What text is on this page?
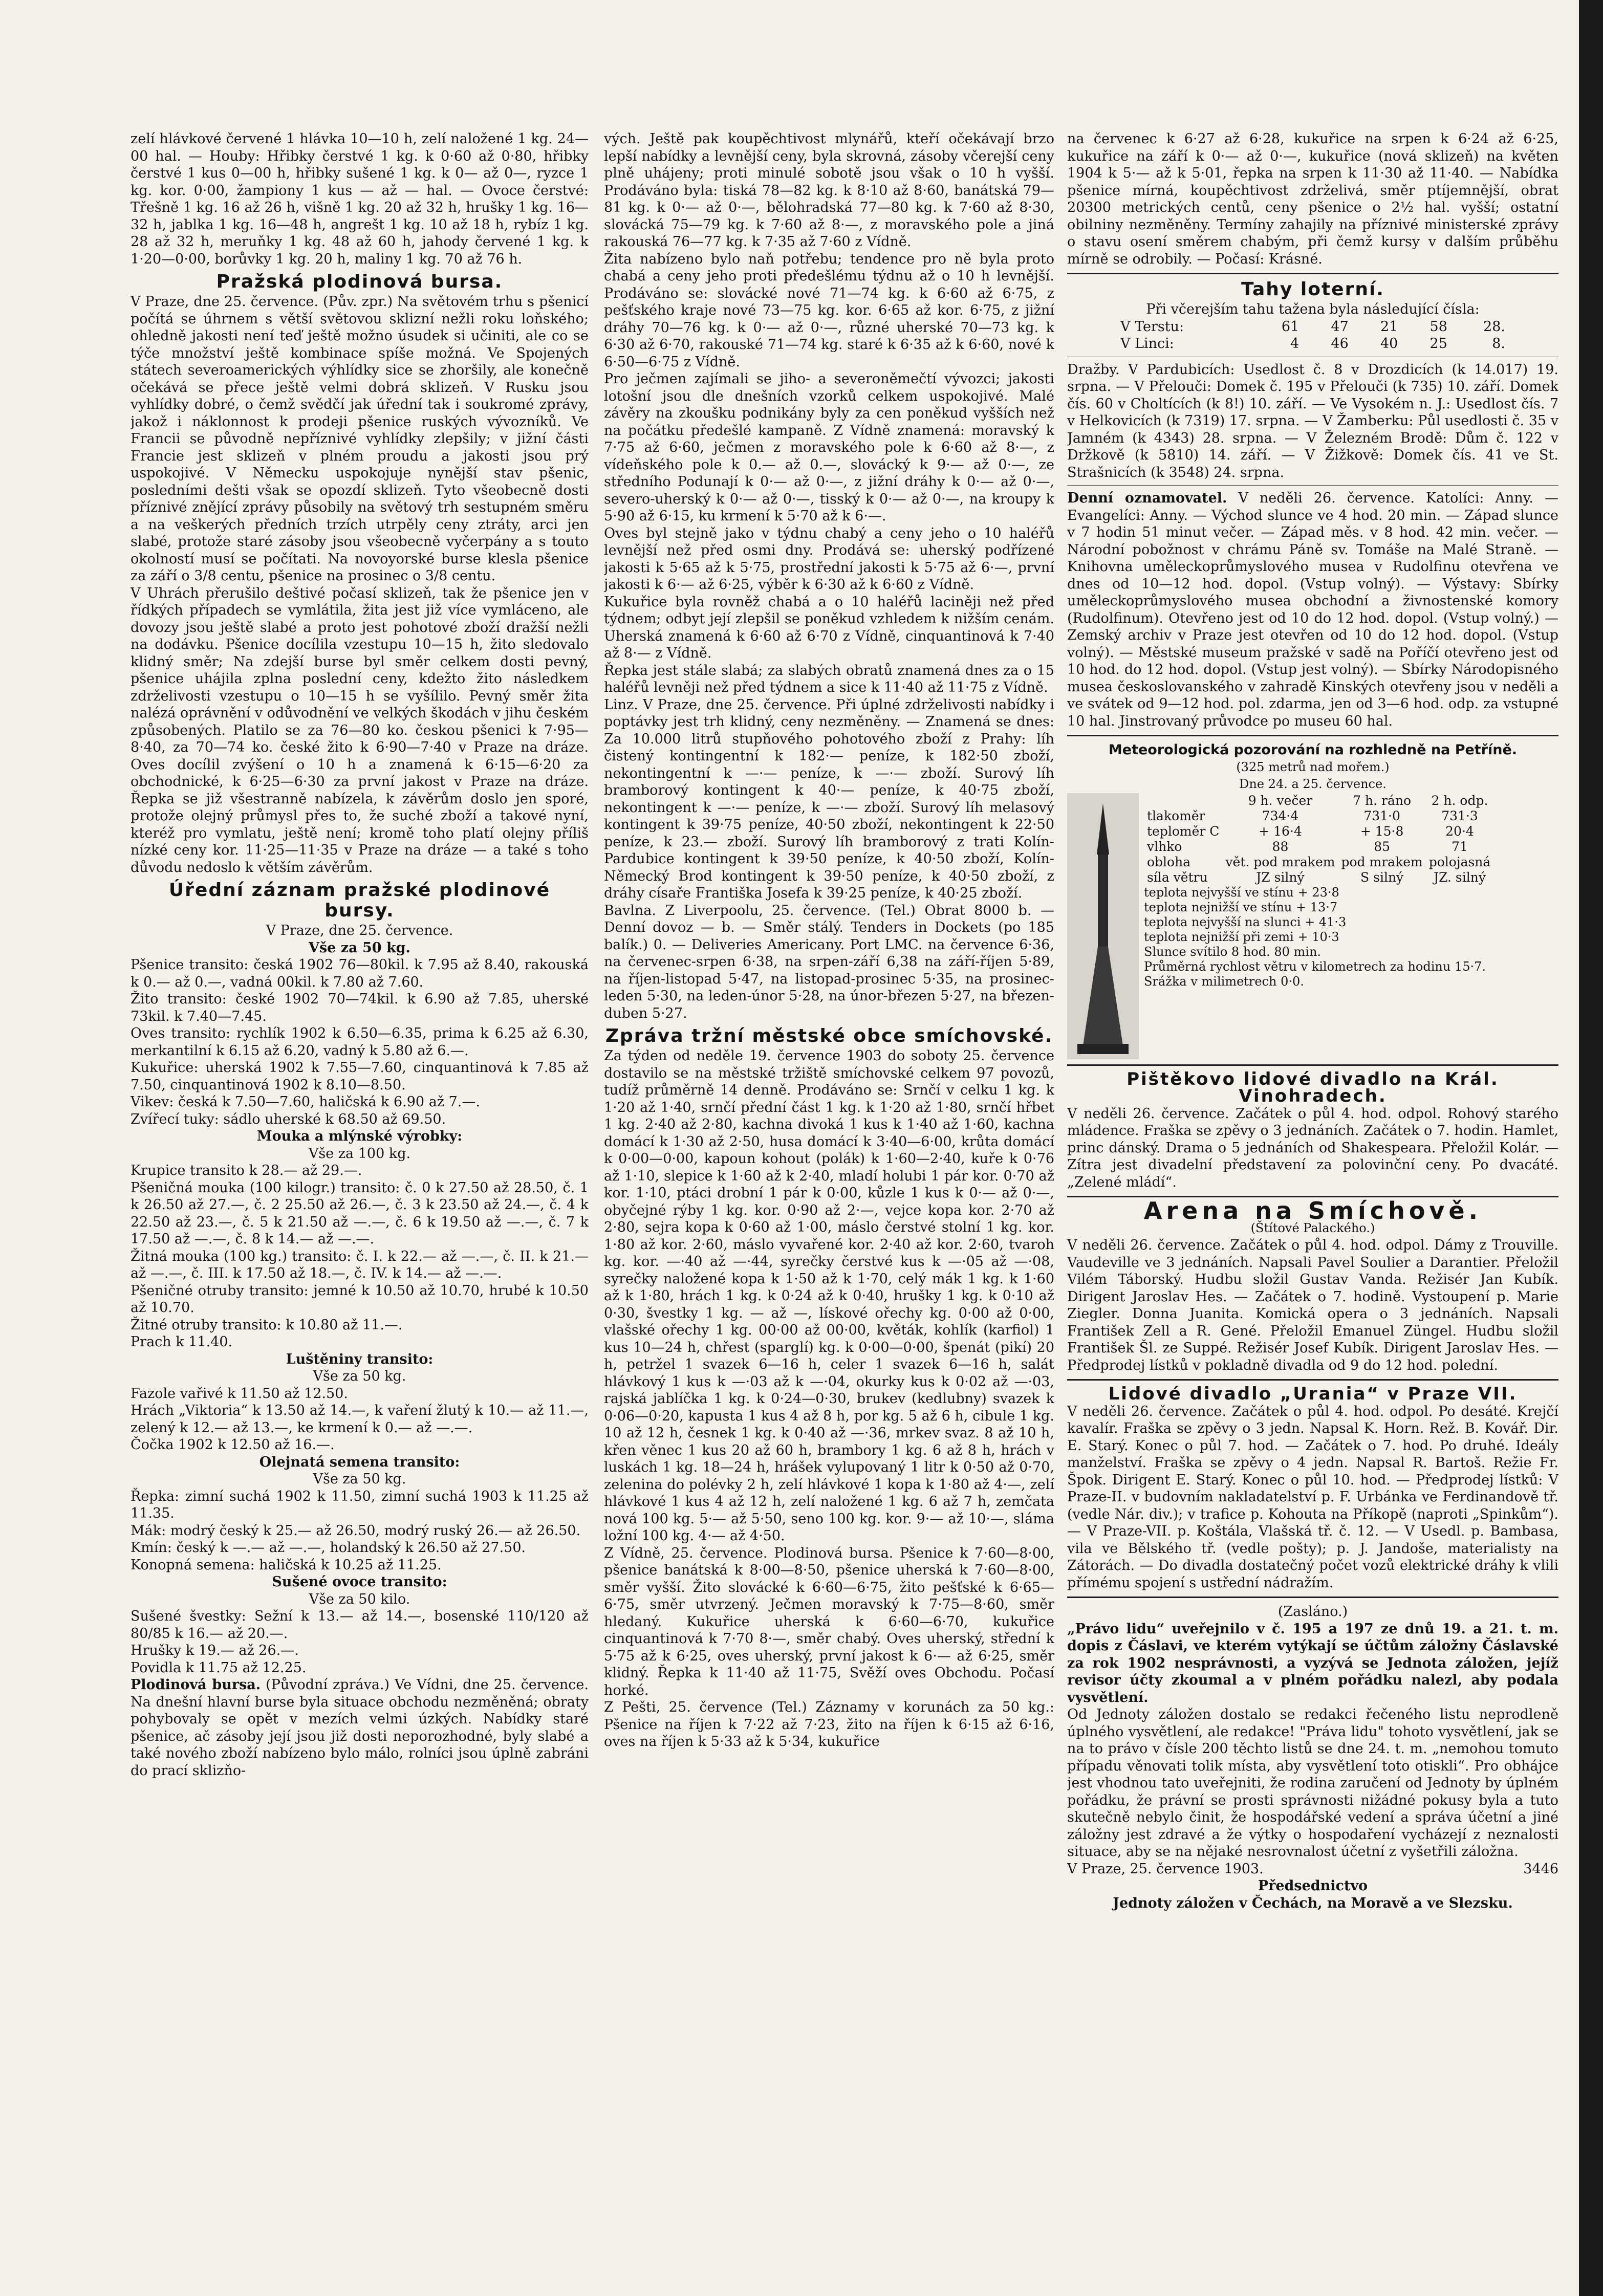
zelí hlávkové červené 1 hlávka 10—10 h, zelí naložené 1 kg. 24—00 hal. — Houby: Hřibky čerstvé 1 kg. k 0·60 až 0·80, hřibky čerstvé 1 kus 0—00 h, hřibky sušené 1 kg. k 0— až 0—, ryzce 1 kg. kor. 0·00, žampiony 1 kus — až — hal. — Ovoce čerstvé: Třešně 1 kg. 16 až 26 h, višně 1 kg. 20 až 32 h, hrušky 1 kg. 16—32 h, jablka 1 kg. 16—48 h, angrešt 1 kg. 10 až 18 h, rybíz 1 kg. 28 až 32 h, meruňky 1 kg. 48 až 60 h, jahody červené 1 kg. k 1·20—0·00, borůvky 1 kg. 20 h, maliny 1 kg. 70 až 76 h.

Pražská plodinová bursa.

V Praze, dne 25. července. (Pův. zpr.) Na světovém trhu s pšenicí počítá se úhrnem s větší světovou sklizní nežli roku loňského; ohledně jakosti není teď ještě možno úsudek si učiniti, ale co se týče množství ještě kombinace spíše možná. Ve Spojených státech severoamerických výhlídky sice se zhoršily, ale konečně očekává se přece ještě velmi dobrá sklizeň. V Rusku jsou vyhlídky dobré, o čemž svědčí jak úřední tak i soukromé zprávy, jakož i náklonnost k prodeji pšenice ruských vývozníků. Ve Francii se původně nepříznivé vyhlídky zlepšily; v jižní části Francie jest sklizeň v plném proudu a jakosti jsou prý uspokojivé. V Německu uspokojuje nynější stav pšenic, posledními dešti však se opozdí sklizeň. Tyto všeobecně dosti příznivé znějící zprávy působily na světový trh sestupném směru a na veškerých předních trzích utrpěly ceny ztráty, arci jen slabé, protože staré zásoby jsou všeobecně vyčerpány a s touto okolností musí se počítati. Na novoyorské burse klesla pšenice za září o 3/8 centu, pšenice na prosinec o 3/8 centu.

V Uhrách přerušilo deštivé počasí sklizeň, tak že pšenice jen v řídkých případech se vymlátila, žita jest již více vymláceno, ale dovozy jsou ještě slabé a proto jest pohotové zboží dražší nežli na dodávku. Pšenice docílila vzestupu 10—15 h, žito sledovalo klidný směr; Na zdejší burse byl směr celkem dosti pevný, pšenice uhájila zplna poslední ceny, kdežto žito následkem zdrželivosti vzestupu o 10—15 h se vyšílilo. Pevný směr žita nalézá oprávnění v odůvodnění ve velkých škodách v jihu českém způsobených. Platilo se za 76—80 ko. českou pšenici k 7·95—8·40, za 70—74 ko. české žito k 6·90—7·40 v Praze na dráze. Oves docílil zvýšení o 10 h a znamená k 6·15—6·20 za obchodnické, k 6·25—6·30 za první jakost v Praze na dráze. Řepka se již všestranně nabízela, k závěrům doslo jen sporé, protože olejný průmysl přes to, že suché zboží a takové nyní, kteréž pro vymlatu, ještě není; kromě toho platí olejny příliš nízké ceny kor. 11·25—11·35 v Praze na dráze — a také s toho důvodu nedoslo k větším závěrům.

Úřední záznam pražské plodinové bursy.

V Praze, dne 25. července.

Vše za 50 kg.

Pšenice transito: česká 1902 76—80kil. k 7.95 až 8.40, rakouská k 0.— až 0.—, vadná 00kil. k 7.80 až 7.60.

Žito transito: české 1902 70—74kil. k 6.90 až 7.85, uherské 73kil. k 7.40—7.45.

Oves transito: rychlík 1902 k 6.50—6.35, prima k 6.25 až 6.30, merkantilní k 6.15 až 6.20, vadný k 5.80 až 6.—.

Kukuřice: uherská 1902 k 7.55—7.60, cinquantinová k 7.85 až 7.50, cinquantinová 1902 k 8.10—8.50.

Vikev: česká k 7.50—7.60, haličská k 6.90 až 7.—.

Zvířecí tuky: sádlo uherské k 68.50 až 69.50.

Mouka a mlýnské výrobky:

Vše za 100 kg.

Krupice transito k 28.— až 29.—.

Pšeničná mouka (100 kilogr.) transito: č. 0 k 27.50 až 28.50, č. 1 k 26.50 až 27.—, č. 2 25.50 až 26.—, č. 3 k 23.50 až 24.—, č. 4 k 22.50 až 23.—, č. 5 k 21.50 až —.—, č. 6 k 19.50 až —.—, č. 7 k 17.50 až —.—, č. 8 k 14.— až —.—.

Žitná mouka (100 kg.) transito: č. I. k 22.— až —.—, č. II. k 21.— až —.—, č. III. k 17.50 až 18.—, č. IV. k 14.— až —.—.

Pšeničné otruby transito: jemné k 10.50 až 10.70, hrubé k 10.50 až 10.70.

Žitné otruby transito: k 10.80 až 11.—.

Prach k 11.40.

Luštěniny transito:

Vše za 50 kg.

Fazole vařivé k 11.50 až 12.50.

Hrách „Viktoria“ k 13.50 až 14.—, k vaření žlutý k 10.— až 11.—, zelený k 12.— až 13.—, ke krmení k 0.— až —.—.

Čočka 1902 k 12.50 až 16.—.

Olejnatá semena transito:

Vše za 50 kg.

Řepka: zimní suchá 1902 k 11.50, zimní suchá 1903 k 11.25 až 11.35.

Mák: modrý český k 25.— až 26.50, modrý ruský 26.— až 26.50.

Kmín: český k —.— až —.—, holandský k 26.50 až 27.50.

Konopná semena: haličská k 10.25 až 11.25.

Sušené ovoce transito:

Vše za 50 kilo.

Sušené švestky: Sežní k 13.— až 14.—, bosenské 110/120 až 80/85 k 16.— až 20.—.

Hrušky k 19.— až 26.—.

Povidla k 11.75 až 12.25.

Plodinová bursa. (Původní zpráva.) Ve Vídni, dne 25. července. Na dnešní hlavní burse byla situace obchodu nezměněná; obraty pohybovaly se opět v mezích velmi úzkých. Nabídky staré pšenice, ač zásoby její jsou již dosti neporozhodné, byly slabé a také nového zboží nabízeno bylo málo, rolníci jsou úplně zabráni do prací sklizňo-

vých. Ještě pak koupěchtivost mlynářů, kteří očekávají brzo lepší nabídky a levnější ceny, byla skrovná, zásoby včerejší ceny plně uhájeny; proti minulé sobotě jsou však o 10 h vyšší. Prodáváno byla: tiská 78—82 kg. k 8·10 až 8·60, banátská 79—81 kg. k 0·— až 0·—, bělohradská 77—80 kg. k 7·60 až 8·30, slovácká 75—79 kg. k 7·60 až 8·—, z moravského pole a jiná rakouská 76—77 kg. k 7·35 až 7·60 z Vídně.

Žita nabízeno bylo naň potřebu; tendence pro ně byla proto chabá a ceny jeho proti předešlému týdnu až o 10 h levnější. Prodáváno se: slovácké nové 71—74 kg. k 6·60 až 6·75, z pešťského kraje nové 73—75 kg. kor. 6·65 až kor. 6·75, z jižní dráhy 70—76 kg. k 0·— až 0·—, různé uherské 70—73 kg. k 6·30 až 6·70, rakouské 71—74 kg. staré k 6·35 až k 6·60, nové k 6·50—6·75 z Vídně.

Pro ječmen zajímali se jiho- a severoněmečtí vývozci; jakosti lotošní jsou dle dnešních vzorků celkem uspokojivé. Malé závěry na zkoušku podnikány byly za cen poněkud vyšších než na počátku předešlé kampaně. Z Vídně znamená: moravský k 7·75 až 6·60, ječmen z moravského pole k 6·60 až 8·—, z vídeňského pole k 0.— až 0.—, slovácký k 9·— až 0·—, ze středního Podunají k 0·— až 0·—, z jižní dráhy k 0·— až 0·—, severo-uherský k 0·— až 0·—, tisský k 0·— až 0·—, na kroupy k 5·90 až 6·15, ku krmení k 5·70 až k 6·—.

Oves byl stejně jako v týdnu chabý a ceny jeho o 10 haléřů levnější než před osmi dny. Prodává se: uherský podřízené jakosti k 5·65 až k 5·75, prostřední jakosti k 5·75 až 6·—, první jakosti k 6·— až 6·25, výběr k 6·30 až k 6·60 z Vídně.

Kukuřice byla rovněž chabá a o 10 haléřů laciněji než před týdnem; odbyt její zlepšil se poněkud vzhledem k nižším cenám. Uherská znamená k 6·60 až 6·70 z Vídně, cinquantinová k 7·40 až 8·— z Vídně.

Řepka jest stále slabá; za slabých obratů znamená dnes za o 15 haléřů levněji než před týdnem a sice k 11·40 až 11·75 z Vídně.

Linz. V Praze, dne 25. července. Při úplné zdrželivosti nabídky i poptávky jest trh klidný, ceny nezměněny. — Znamená se dnes: Za 10.000 litrů stupňového pohotového zboží z Prahy: líh čistený kontingentní k 182·— peníze, k 182·50 zboží, nekontingentní k —·— peníze, k —·— zboží. Surový líh bramborový kontingent k 40·— peníze, k 40·75 zboží, nekontingent k —·— peníze, k —·— zboží. Surový líh melasový kontingent k 39·75 peníze, 40·50 zboží, nekontingent k 22·50 peníze, k 23.— zboží. Surový líh bramborový z trati Kolín-Pardubice kontingent k 39·50 peníze, k 40·50 zboží, Kolín-Německý Brod kontingent k 39·50 peníze, k 40·50 zboží, z dráhy císaře Františka Josefa k 39·25 peníze, k 40·25 zboží.

Bavlna. Z Liverpoolu, 25. července. (Tel.) Obrat 8000 b. — Denní dovoz — b. — Směr stálý. Tenders in Dockets (po 185 balík.) 0. — Deliveries Americany. Port LMC. na července 6·36, na červenec-srpen 6·38, na srpen-září 6,38 na září-říjen 5·89, na říjen-listopad 5·47, na listopad-prosinec 5·35, na prosinec-leden 5·30, na leden-únor 5·28, na únor-březen 5·27, na březen-duben 5·27.

Zpráva tržní městské obce smíchovské.

Za týden od neděle 19. července 1903 do soboty 25. července dostavilo se na městské tržiště smíchovské celkem 97 povozů, tudíž průměrně 14 denně. Prodáváno se: Srnčí v celku 1 kg. k 1·20 až 1·40, srnčí přední část 1 kg. k 1·20 až 1·80, srnčí hřbet 1 kg. 2·40 až 2·80, kachna divoká 1 kus k 1·40 až 1·60, kachna domácí k 1·30 až 2·50, husa domácí k 3·40—6·00, krůta domácí k 0·00—0·00, kapoun kohout (polák) k 1·60—2·40, kuře k 0·76 až 1·10, slepice k 1·60 až k 2·40, mladí holubi 1 pár kor. 0·70 až kor. 1·10, ptáci drobní 1 pár k 0·00, kůzle 1 kus k 0·— až 0·—, obyčejné rýby 1 kg. kor. 0·90 až 2·—, vejce kopa kor. 2·70 až 2·80, sejra kopa k 0·60 až 1·00, máslo čerstvé stolní 1 kg. kor. 1·80 až kor. 2·60, máslo vyvařené kor. 2·40 až kor. 2·60, tvaroh kg. kor. —·40 až —·44, syrečky čerstvé kus k —·05 až —·08, syrečky naložené kopa k 1·50 až k 1·70, celý mák 1 kg. k 1·60 až k 1·80, hrách 1 kg. k 0·24 až k 0·40, hrušky 1 kg. k 0·10 až 0·30, švestky 1 kg. — až —, lískové ořechy kg. 0·00 až 0·00, vlašské ořechy 1 kg. 00·00 až 00·00, květák, kohlík (karfiol) 1 kus 10—24 h, chřest (sparglí) kg. k 0·00—0·00, špenát (pikí) 20 h, petržel 1 svazek 6—16 h, celer 1 svazek 6—16 h, salát hlávkový 1 kus k —·03 až k —·04, okurky kus k 0·02 až —·03, rajská jablíčka 1 kg. k 0·24—0·30, brukev (kedlubny) svazek k 0·06—0·20, kapusta 1 kus 4 až 8 h, por kg. 5 až 6 h, cibule 1 kg. 10 až 12 h, česnek 1 kg. k 0·40 až —·36, mrkev svaz. 8 až 10 h, křen věnec 1 kus 20 až 60 h, brambory 1 kg. 6 až 8 h, hrách v luskách 1 kg. 18—24 h, hrášek vylupovaný 1 litr k 0·50 až 0·70, zelenina do polévky 2 h, zelí hlávkové 1 kopa k 1·80 až 4·—, zelí hlávkové 1 kus 4 až 12 h, zelí naložené 1 kg. 6 až 7 h, zemčata nová 100 kg. 5·— až 5·50, seno 100 kg. kor. 9·— až 10·—, sláma ložní 100 kg. 4·— až 4·50.

Z Vídně, 25. července. Plodinová bursa. Pšenice k 7·60—8·00, pšenice banátská k 8·00—8·50, pšenice uherská k 7·60—8·00, směr vyšší. Žito slovácké k 6·60—6·75, žito pešťské k 6·65—6·75, směr utvrzený. Ječmen moravský k 7·75—8·60, směr hledaný. Kukuřice uherská k 6·60—6·70, kukuřice cinquantinová k 7·70 8·—, směr chabý. Oves uherský, střední k 5·75 až k 6·25, oves uherský, první jakost k 6·— až 6·25, směr klidný. Řepka k 11·40 až 11·75, Svěží oves Obchodu. Počasí horké.

Z Pešti, 25. července (Tel.) Záznamy v korunách za 50 kg.: Pšenice na říjen k 7·22 až 7·23, žito na říjen k 6·15 až 6·16, oves na říjen k 5·33 až k 5·34, kukuřice

na červenec k 6·27 až 6·28, kukuřice na srpen k 6·24 až 6·25, kukuřice na září k 0·— až 0·—, kukuřice (nová sklizeň) na květen 1904 k 5·— až k 5·01, řepka na srpen k 11·30 až 11·40. — Nabídka pšenice mírná, koupěchtivost zdrželivá, směr ptíjemnější, obrat 20300 metrických centů, ceny pšenice o 2½ hal. vyšší; ostatní obilniny nezměněny. Termíny zahajily na příznivé ministerské zprávy o stavu osení směrem chabým, při čemž kursy v dalším průběhu mírně se odrobily. — Počasí: Krásné.

Tahy loterní.

Při včerejším tahu tažena byla následující čísla:

V Terstu:	61	47	21	58	28.
V Linci:	4	46	40	25	8.

Dražby. V Pardubicích: Usedlost č. 8 v Drozdicích (k 14.017) 19. srpna. — V Přelouči: Domek č. 195 v Přelouči (k 735) 10. září. Domek čís. 60 v Choltících (k 8!) 10. září. — Ve Vysokém n. J.: Usedlost čís. 7 v Helkovicích (k 7319) 17. srpna. — V Žamberku: Půl usedlosti č. 35 v Jamném (k 4343) 28. srpna. — V Železném Brodě: Dům č. 122 v Držkově (k 5810) 14. září. — V Žižkově: Domek čís. 41 ve St. Strašnicích (k 3548) 24. srpna.

Denní oznamovatel. V neděli 26. července. Katolíci: Anny. — Evangelíci: Anny. — Východ slunce ve 4 hod. 20 min. — Západ slunce v 7 hodin 51 minut večer. — Západ měs. v 8 hod. 42 min. večer. — Národní pobožnost v chrámu Páně sv. Tomáše na Malé Straně. — Knihovna uměleckoprůmyslového musea v Rudolfinu otevřena ve dnes od 10—12 hod. dopol. (Vstup volný). — Výstavy: Sbírky uměleckoprůmyslového musea obchodní a živnostenské komory (Rudolfinum). Otevřeno jest od 10 do 12 hod. dopol. (Vstup volný.) — Zemský archiv v Praze jest otevřen od 10 do 12 hod. dopol. (Vstup volný). — Městské museum pražské v sadě na Poříčí otevřeno jest od 10 hod. do 12 hod. dopol. (Vstup jest volný). — Sbírky Národopisného musea českoslovanského v zahradě Kinských otevřeny jsou v neděli a ve svátek od 9—12 hod. pol. zdarma, jen od 3—6 hod. odp. za vstupné 10 hal. Jinstrovaný průvodce po museu 60 hal.

Meteorologická pozorování na rozhledně na Petříně.
(325 metrů nad mořem.)
Dne 24. a 25. července.
	9 h. večer	7 h. ráno	2 h. odp.
tlakoměr	734·4	731·0	731·3
teploměr C	+ 16·4	+ 15·8	20·4
vlhko	88	85	71
obloha	vět. pod mrakem	pod mrakem	polojasná
síla větru	JZ silný	S silný	JZ. silný
teplota nejvyšší ve stínu + 23·8
teplota nejnižší ve stínu + 13·7
teplota nejvyšší na slunci + 41·3
teplota nejnižší při zemi + 10·3
Slunce svítilo 8 hod. 80 min.
Průměrná rychlost větru v kilometrech za hodinu 15·7.
Srážka v milimetrech 0·0.
Pištěkovo lidové divadlo na Král. Vinohradech.

V neděli 26. července. Začátek o půl 4. hod. odpol. Rohový starého mládence. Fraška se zpěvy o 3 jednáních. Začátek o 7. hodin. Hamlet, princ dánský. Drama o 5 jednáních od Shakespeara. Přeložil Kolár. — Zítra jest divadelní představení za polovinční ceny. Po dvacáté. „Zelené mládí“.

Arena na Smíchově.
(Štítové Palackého.)

V neděli 26. července. Začátek o půl 4. hod. odpol. Dámy z Trouville. Vaudeville ve 3 jednáních. Napsali Pavel Soulier a Darantier. Přeložil Vilém Táborský. Hudbu složil Gustav Vanda. Režisér Jan Kubík. Dirigent Jaroslav Hes. — Začátek o 7. hodině. Vystoupení p. Marie Ziegler. Donna Juanita. Komická opera o 3 jednáních. Napsali František Zell a R. Gené. Přeložil Emanuel Züngel. Hudbu složil František Šl. ze Suppé. Režisér Josef Kubík. Dirigent Jaroslav Hes. — Předprodej lístků v pokladně divadla od 9 do 12 hod. polední.

Lidové divadlo „Urania“ v Praze VII.

V neděli 26. července. Začátek o půl 4. hod. odpol. Po desáté. Krejčí kavalír. Fraška se zpěvy o 3 jedn. Napsal K. Horn. Rež. B. Kovář. Dir. E. Starý. Konec o půl 7. hod. — Začátek o 7. hod. Po druhé. Ideály manželství. Fraška se zpěvy o 4 jedn. Napsal R. Bartoš. Režie Fr. Špok. Dirigent E. Starý. Konec o půl 10. hod. — Předprodej lístků: V Praze-II. v budovním nakladatelství p. F. Urbánka ve Ferdinandově tř. (vedle Nár. div.); v trafice p. Kohouta na Příkopě (naproti „Spinkům“). — V Praze-VII. p. Koštála, Vlašská tř. č. 12. — V Usedl. p. Bambasa, vila ve Bělského tř. (vedle pošty); p. J. Jandoše, materialisty na Zátorách. — Do divadla dostatečný počet vozů elektrické dráhy k vlili přímému spojení s ustřední nádražím.

(Zasláno.)

„Právo lidu“ uveřejnilo v č. 195 a 197 ze dnů 19. a 21. t. m. dopis z Čáslavi, ve kterém vytýkají se účtům záložny Čáslavské za rok 1902 nesprávnosti, a vyzývá se Jednota záložen, jejíž revisor účty zkoumal a v plném pořádku nalezl, aby podala vysvětlení.

Od Jednoty záložen dostalo se redakci řečeného listu neprodleně úplného vysvětlení, ale redakce! "Práva lidu" tohoto vysvětlení, jak se na to právo v čísle 200 těchto listů se dne 24. t. m. „nemohou tomuto případu věnovati tolik místa, aby vysvětlení toto otiskli“. Pro obhájce jest vhodnou tato uveřejniti, že rodina zaručení od Jednoty by úplném pořádku, že právní se prosti správnosti nižádné pokusy byla a tuto skutečně nebylo činit, že hospodářské vedení a správa účetní a jiné záložny jest zdravé a že výtky o hospodaření vycházejí z neznalosti situace, aby se na nějaké nesrovnalost účetní z vyšetřili záložna.

V Praze, 25. července 1903.	3446

Předsednictvo

Jednoty záložen v Čechách, na Moravě a ve Slezsku.
